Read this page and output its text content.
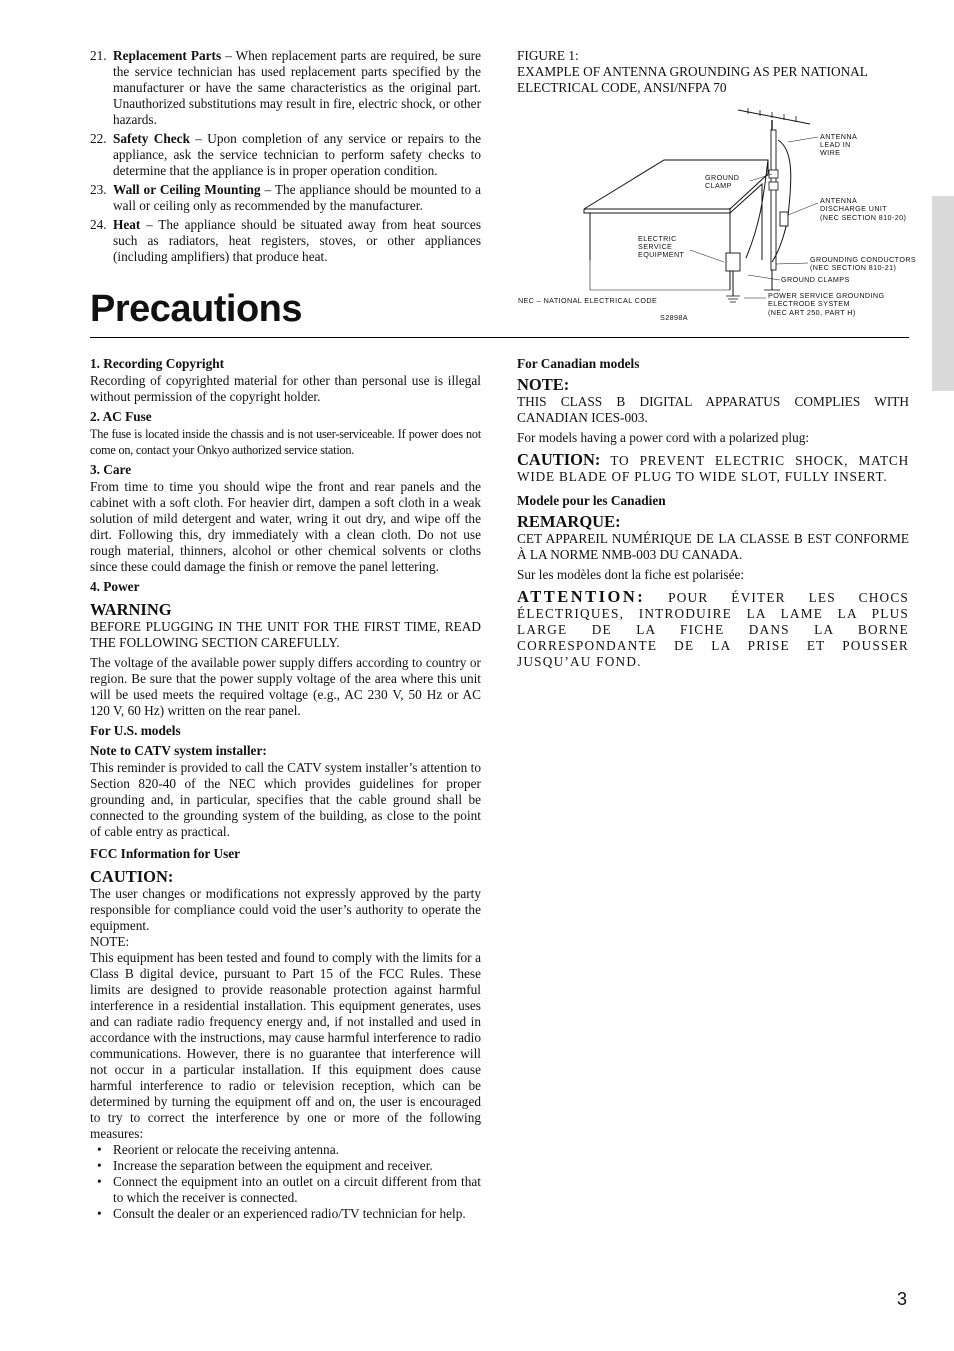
21. Replacement Parts – When replacement parts are required, be sure the service technician has used replacement parts specified by the manufacturer or have the same characteristics as the original part. Unauthorized substitutions may result in fire, electric shock, or other hazards.
22. Safety Check – Upon completion of any service or repairs to the appliance, ask the service technician to perform safety checks to determine that the appliance is in proper operation condition.
23. Wall or Ceiling Mounting – The appliance should be mounted to a wall or ceiling only as recommended by the manufacturer.
24. Heat – The appliance should be situated away from heat sources such as radiators, heat registers, stoves, or other appliances (including amplifiers) that produce heat.
FIGURE 1:
EXAMPLE OF ANTENNA GROUNDING AS PER NATIONAL ELECTRICAL CODE, ANSI/NFPA 70
ANTENNA
LEAD IN
WIRE
GROUND
CLAMP
ANTENNA
DISCHARGE UNIT
(NEC SECTION 810-20)
ELECTRIC
SERVICE
EQUIPMENT
GROUNDING CONDUCTORS
(NEC SECTION 810-21)
GROUND CLAMPS
POWER SERVICE GROUNDING
ELECTRODE SYSTEM
(NEC ART 250, PART H)
NEC – NATIONAL ELECTRICAL CODE
S2898A
Precautions
1. Recording Copyright
Recording of copyrighted material for other than personal use is illegal without permission of the copyright holder.
2. AC Fuse
The fuse is located inside the chassis and is not user-serviceable. If power does not come on, contact your Onkyo authorized service station.
3. Care
From time to time you should wipe the front and rear panels and the cabinet with a soft cloth. For heavier dirt, dampen a soft cloth in a weak solution of mild detergent and water, wring it out dry, and wipe off the dirt. Following this, dry immediately with a clean cloth. Do not use rough material, thinners, alcohol or other chemical solvents or cloths since these could damage the finish or remove the panel lettering.
4. Power
WARNING
BEFORE PLUGGING IN THE UNIT FOR THE FIRST TIME, READ THE FOLLOWING SECTION CAREFULLY.
The voltage of the available power supply differs according to country or region. Be sure that the power supply voltage of the area where this unit will be used meets the required voltage (e.g., AC 230 V, 50 Hz or AC 120 V, 60 Hz) written on the rear panel.
For U.S. models
Note to CATV system installer:
This reminder is provided to call the CATV system installer’s attention to Section 820-40 of the NEC which provides guidelines for proper grounding and, in particular, specifies that the cable ground shall be connected to the grounding system of the building, as close to the point of cable entry as practical.
FCC Information for User
CAUTION:
The user changes or modifications not expressly approved by the party responsible for compliance could void the user’s authority to operate the equipment.
NOTE:
This equipment has been tested and found to comply with the limits for a Class B digital device, pursuant to Part 15 of the FCC Rules. These limits are designed to provide reasonable protection against harmful interference in a residential installation. This equipment generates, uses and can radiate radio frequency energy and, if not installed and used in accordance with the instructions, may cause harmful interference to radio communications. However, there is no guarantee that interference will not occur in a particular installation. If this equipment does cause harmful interference to radio or television reception, which can be determined by turning the equipment off and on, the user is encouraged to try to correct the interference by one or more of the following measures:
• Reorient or relocate the receiving antenna.
• Increase the separation between the equipment and receiver.
• Connect the equipment into an outlet on a circuit different from that to which the receiver is connected.
• Consult the dealer or an experienced radio/TV technician for help.
For Canadian models
NOTE:
THIS CLASS B DIGITAL APPARATUS COMPLIES WITH CANADIAN ICES-003.
For models having a power cord with a polarized plug:
CAUTION: TO PREVENT ELECTRIC SHOCK, MATCH WIDE BLADE OF PLUG TO WIDE SLOT, FULLY INSERT.
Modele pour les Canadien
REMARQUE:
CET APPAREIL NUMÉRIQUE DE LA CLASSE B EST CONFORME À LA NORME NMB-003 DU CANADA.
Sur les modèles dont la fiche est polarisée:
ATTENTION: POUR ÉVITER LES CHOCS ÉLECTRIQUES, INTRODUIRE LA LAME LA PLUS LARGE DE LA FICHE DANS LA BORNE CORRESPONDANTE DE LA PRISE ET POUSSER JUSQU’AU FOND.
3
